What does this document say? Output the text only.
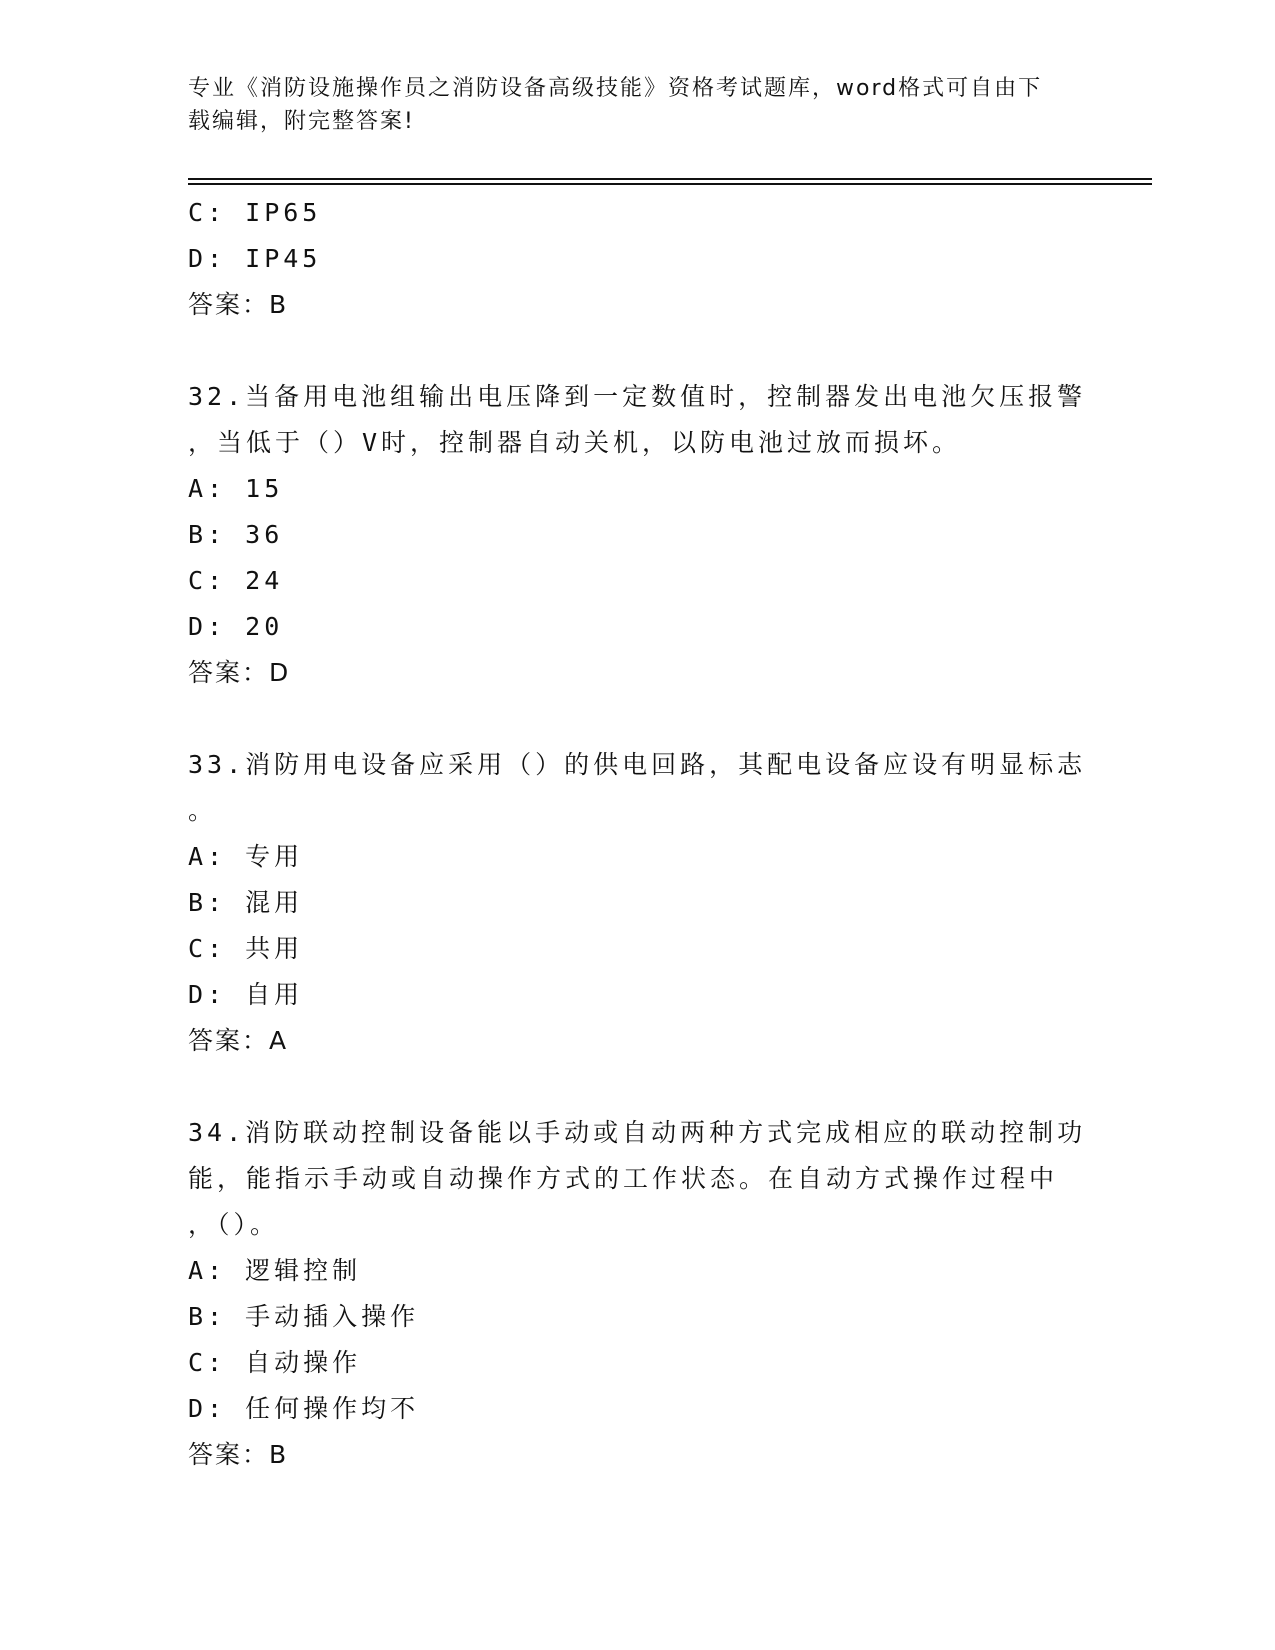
专业《消防设施操作员之消防设备高级技能》资格考试题库，word格式可自由下
载编辑，附完整答案!
C: IP65
D: IP45
答案：B
32.当备用电池组输出电压降到一定数值时，控制器发出电池欠压报警
，当低于（）V时，控制器自动关机，以防电池过放而损坏。
A: 15
B: 36
C: 24
D: 20
答案：D
33.消防用电设备应采用（）的供电回路，其配电设备应设有明显标志
。
A: 专用
B: 混用
C: 共用
D: 自用
答案：A
34.消防联动控制设备能以手动或自动两种方式完成相应的联动控制功
能，能指示手动或自动操作方式的工作状态。在自动方式操作过程中
，（）。
A: 逻辑控制
B: 手动插入操作
C: 自动操作
D: 任何操作均不
答案：B
